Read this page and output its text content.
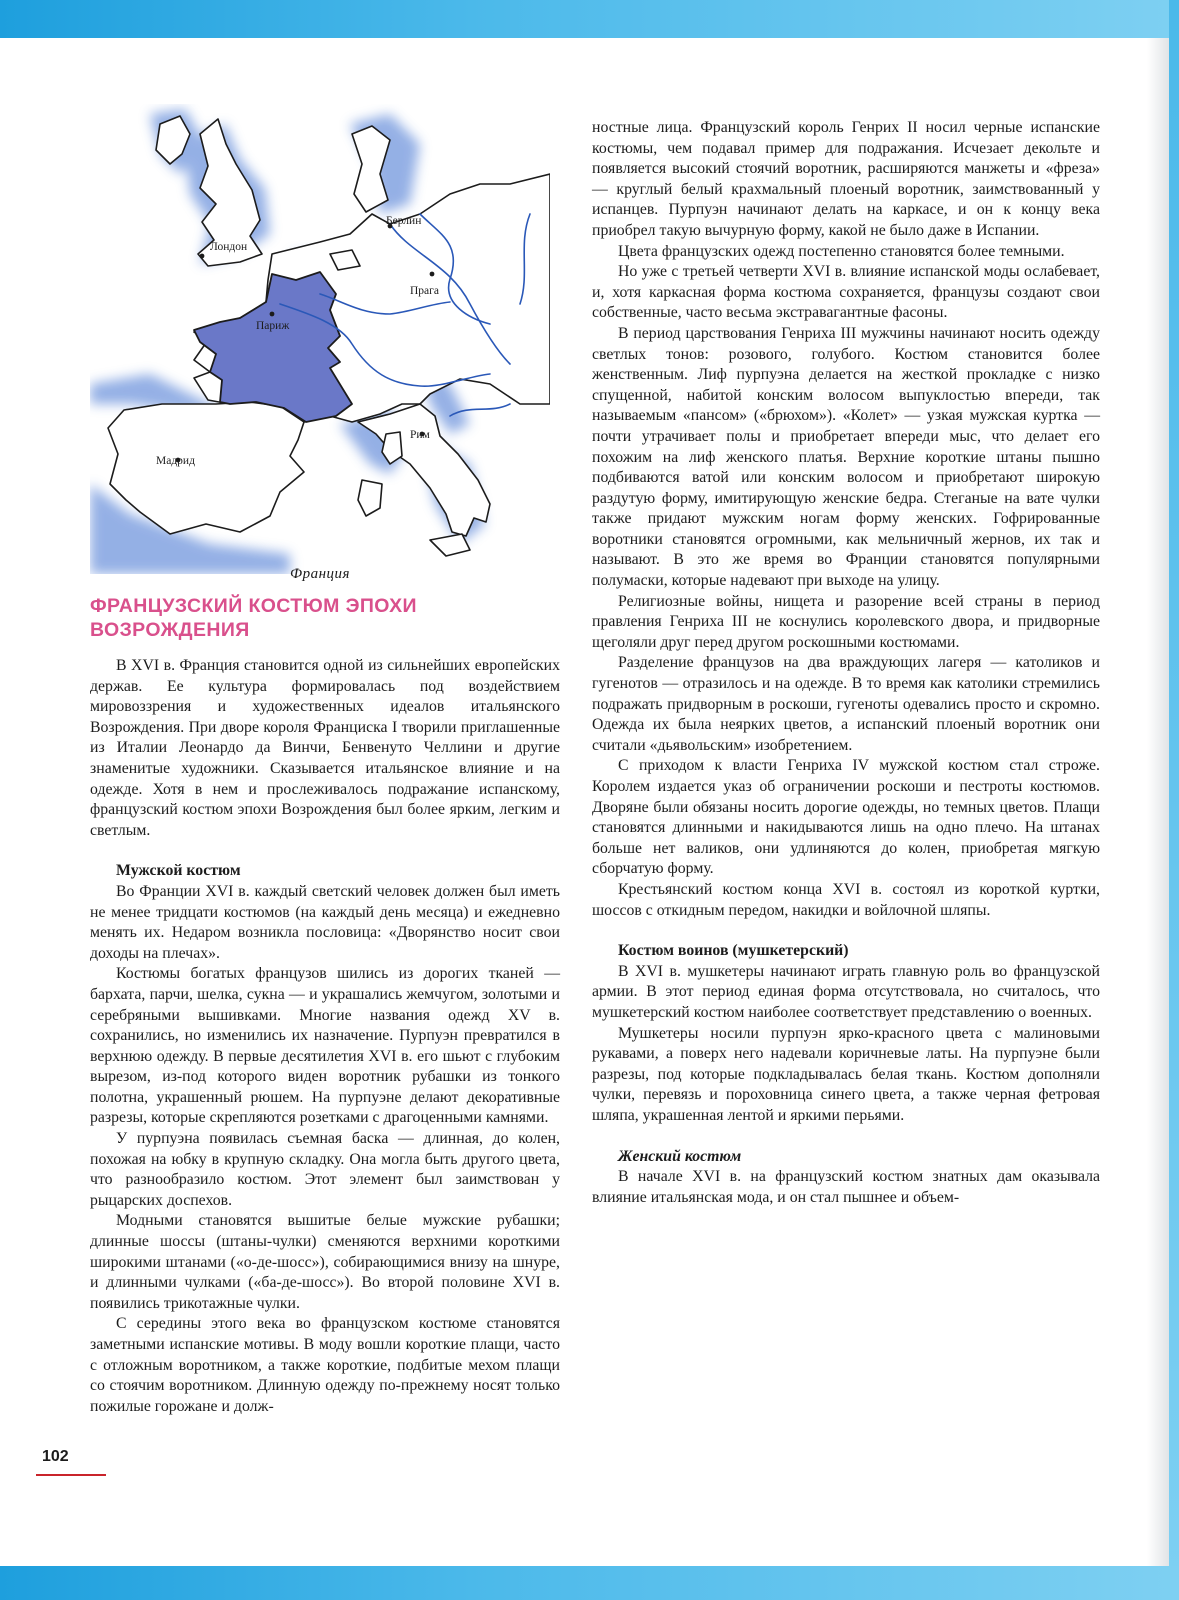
Лондон
Париж
Берлин
Прага
Рим
Мадрид
Франция
ФРАНЦУЗСКИЙ КОСТЮМ ЭПОХИ
ВОЗРОЖДЕНИЯ

В XVI в. Франция становится одной из сильнейших европейских держав. Ее культура формировалась под воздействием мировоззрения и художественных идеалов итальянского Возрождения. При дворе короля Франциска I творили приглашенные из Италии Леонардо да Винчи, Бенвенуто Челлини и другие знаменитые художники. Сказывается итальянское влияние и на одежде. Хотя в нем и прослеживалось подражание испанскому, французский костюм эпохи Возрождения был более ярким, легким и светлым.

Мужской костюм

Во Франции XVI в. каждый светский человек должен был иметь не менее тридцати костюмов (на каждый день месяца) и ежедневно менять их. Недаром возникла пословица: «Дворянство носит свои доходы на плечах».

Костюмы богатых французов шились из дорогих тканей — бархата, парчи, шелка, сукна — и украшались жемчугом, золотыми и серебряными вышивками. Многие названия одежд XV в. сохранились, но изменились их назначение. Пурпуэн превратился в верхнюю одежду. В первые десятилетия XVI в. его шьют с глубоким вырезом, из-под которого виден воротник рубашки из тонкого полотна, украшенный рюшем. На пурпуэне делают декоративные разрезы, которые скрепляются розетками с драгоценными камнями.

У пурпуэна появилась съемная баска — длинная, до колен, похожая на юбку в крупную складку. Она могла быть другого цвета, что разнообразило костюм. Этот элемент был заимствован у рыцарских доспехов.

Модными становятся вышитые белые мужские рубашки; длинные шоссы (штаны-чулки) сменяются верхними короткими широкими штанами («о-де-шосс»), собирающимися внизу на шнуре, и длинными чулками («ба-де-шосс»). Во второй половине XVI в. появились трикотажные чулки.

С середины этого века во французском костюме становятся заметными испанские мотивы. В моду вошли короткие плащи, часто с отложным воротником, а также короткие, подбитые мехом плащи со стоячим воротником. Длинную одежду по-прежнему носят только пожилые горожане и долж-

ностные лица. Французский король Генрих II носил черные испанские костюмы, чем подавал пример для подражания. Исчезает декольте и появляется высокий стоячий воротник, расширяются манжеты и «фреза» — круглый белый крахмальный плоеный воротник, заимствованный у испанцев. Пурпуэн начинают делать на каркасе, и он к концу века приобрел такую вычурную форму, какой не было даже в Испании.

Цвета французских одежд постепенно становятся более темными.

Но уже с третьей четверти XVI в. влияние испанской моды ослабевает, и, хотя каркасная форма костюма сохраняется, французы создают свои собственные, часто весьма экстравагантные фасоны.

В период царствования Генриха III мужчины начинают носить одежду светлых тонов: розового, голубого. Костюм становится более женственным. Лиф пурпуэна делается на жесткой прокладке с низко спущенной, набитой конским волосом выпуклостью впереди, так называемым «пансом» («брюхом»). «Колет» — узкая мужская куртка — почти утрачивает полы и приобретает впереди мыс, что делает его похожим на лиф женского платья. Верхние короткие штаны пышно подбиваются ватой или конским волосом и приобретают широкую раздутую форму, имитирующую женские бедра. Стеганые на вате чулки также придают мужским ногам форму женских. Гофрированные воротники становятся огромными, как мельничный жернов, их так и называют. В это же время во Франции становятся популярными полумаски, которые надевают при выходе на улицу.

Религиозные войны, нищета и разорение всей страны в период правления Генриха III не коснулись королевского двора, и придворные щеголяли друг перед другом роскошными костюмами.

Разделение французов на два враждующих лагеря — католиков и гугенотов — отразилось и на одежде. В то время как католики стремились подражать придворным в роскоши, гугеноты одевались просто и скромно. Одежда их была неярких цветов, а испанский плоеный воротник они считали «дьявольским» изобретением.

С приходом к власти Генриха IV мужской костюм стал строже. Королем издается указ об ограничении роскоши и пестроты костюмов. Дворяне были обязаны носить дорогие одежды, но темных цветов. Плащи становятся длинными и накидываются лишь на одно плечо. На штанах больше нет валиков, они удлиняются до колен, приобретая мягкую сборчатую форму.

Крестьянский костюм конца XVI в. состоял из короткой куртки, шоссов с откидным передом, накидки и войлочной шляпы.

Костюм воинов (мушкетерский)

В XVI в. мушкетеры начинают играть главную роль во французской армии. В этот период единая форма отсутствовала, но считалось, что мушкетерский костюм наиболее соответствует представлению о военных.

Мушкетеры носили пурпуэн ярко-красного цвета с малиновыми рукавами, а поверх него надевали коричневые латы. На пурпуэне были разрезы, под которые подкладывалась белая ткань. Костюм дополняли чулки, перевязь и пороховница синего цвета, а также черная фетровая шляпа, украшенная лентой и яркими перьями.

Женский костюм

В начале XVI в. на французский костюм знатных дам оказывала влияние итальянская мода, и он стал пышнее и объем-

102
